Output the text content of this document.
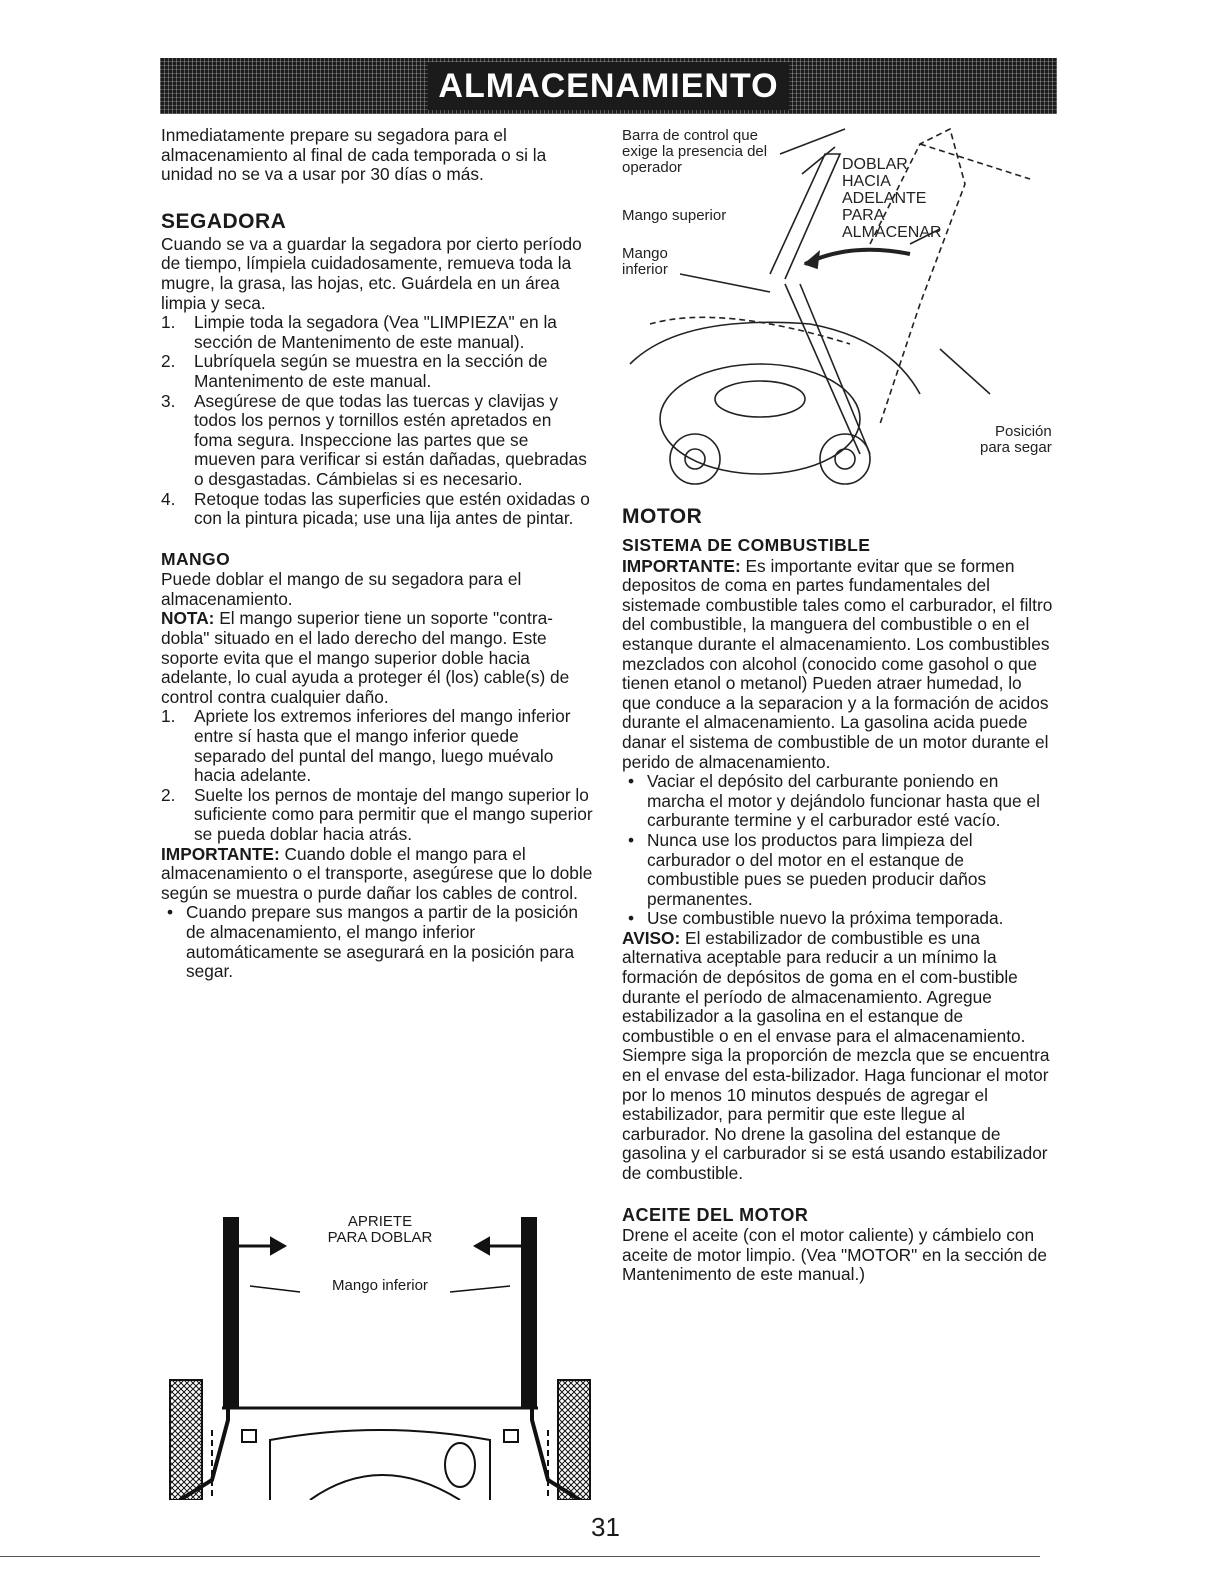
ALMACENAMIENTO

Inmediatamente prepare su segadora para el almacenamiento al final de cada temporada o si la unidad no se va a usar por 30 días o más.

SEGADORA

Cuando se va a guardar la segadora por cierto período de tiempo, límpiela cuidadosamente, remueva toda la mugre, la grasa, las hojas, etc. Guárdela en un área limpia y seca.

1.	Limpie toda la segadora (Vea "LIMPIEZA" en la sección de Mantenimento de este manual).
2.	Lubríquela según se muestra en la sección de Mantenimento de este manual.
3.	Asegúrese de que todas las tuercas y clavijas y todos los pernos y tornillos estén apretados en foma segura. Inspeccione las partes que se mueven para verificar si están dañadas, quebradas o desgastadas. Cámbielas si es necesario.
4.	Retoque todas las superficies que estén oxidadas o con la pintura picada; use una lija antes de pintar.
MANGO

Puede doblar el mango de su segadora para el almacenamiento.

NOTA: El mango superior tiene un soporte "contra-dobla" situado en el lado derecho del mango. Este soporte evita que el mango superior doble hacia adelante, lo cual ayuda a proteger él (los) cable(s) de control contra cualquier daño.

1.	Apriete los extremos inferiores del mango inferior entre sí hasta que el mango inferior quede separado del puntal del mango, luego muévalo hacia adelante.
2.	Suelte los pernos de montaje del mango superior lo suficiente como para permitir que el mango superior se pueda doblar hacia atrás.

IMPORTANTE: Cuando doble el mango para el almacenamiento o el transporte, asegúrese que lo doble según se muestra o purde dañar los cables de control.

• Cuando prepare sus mangos a partir de la posición de almacenamiento, el mango inferior automáticamente se asegurará en la posición para segar.
Barra de control que
exige la presencia del
operador
Mango superior
Mango
inferior
DOBLAR
HACIA
ADELANTE
PARA
ALMACENAR
Posición
para segar
MOTOR
SISTEMA DE COMBUSTIBLE

IMPORTANTE: Es importante evitar que se formen depositos de coma en partes fundamentales del sistemade combustible tales como el carburador, el filtro del combustible, la manguera del combustible o en el estanque durante el almacenamiento. Los combustibles mezclados con alcohol (conocido come gasohol o que tienen etanol o metanol) Pueden atraer humedad, lo que conduce a la separacion y a la formación de acidos durante el almacenamiento. La gasolina acida puede danar el sistema de combustible de un motor durante el perido de almacenamiento.

• Vaciar el depósito del carburante poniendo en marcha el motor y dejándolo funcionar hasta que el carburante termine y el carburador esté vacío.
• Nunca use los productos para limpieza del carburador o del motor en el estanque de combustible pues se pueden producir daños permanentes.
• Use combustible nuevo la próxima temporada.

AVISO: El estabilizador de combustible es una alternativa aceptable para reducir a un mínimo la formación de depósitos de goma en el com-bustible durante el período de almacenamiento. Agregue estabilizador a la gasolina en el estanque de combustible o en el envase para el almacenamiento. Siempre siga la proporción de mezcla que se encuentra en el envase del esta-bilizador. Haga funcionar el motor por lo menos 10 minutos después de agregar el estabilizador, para permitir que este llegue al carburador. No drene la gasolina del estanque de gasolina y el carburador si se está usando estabilizador de combustible.

ACEITE DEL MOTOR

Drene el aceite (con el motor caliente) y cámbielo con aceite de motor limpio. (Vea "MOTOR" en la sección de Mantenimento de este manual.)

APRIETE
PARA DOBLAR
Mango inferior
31
